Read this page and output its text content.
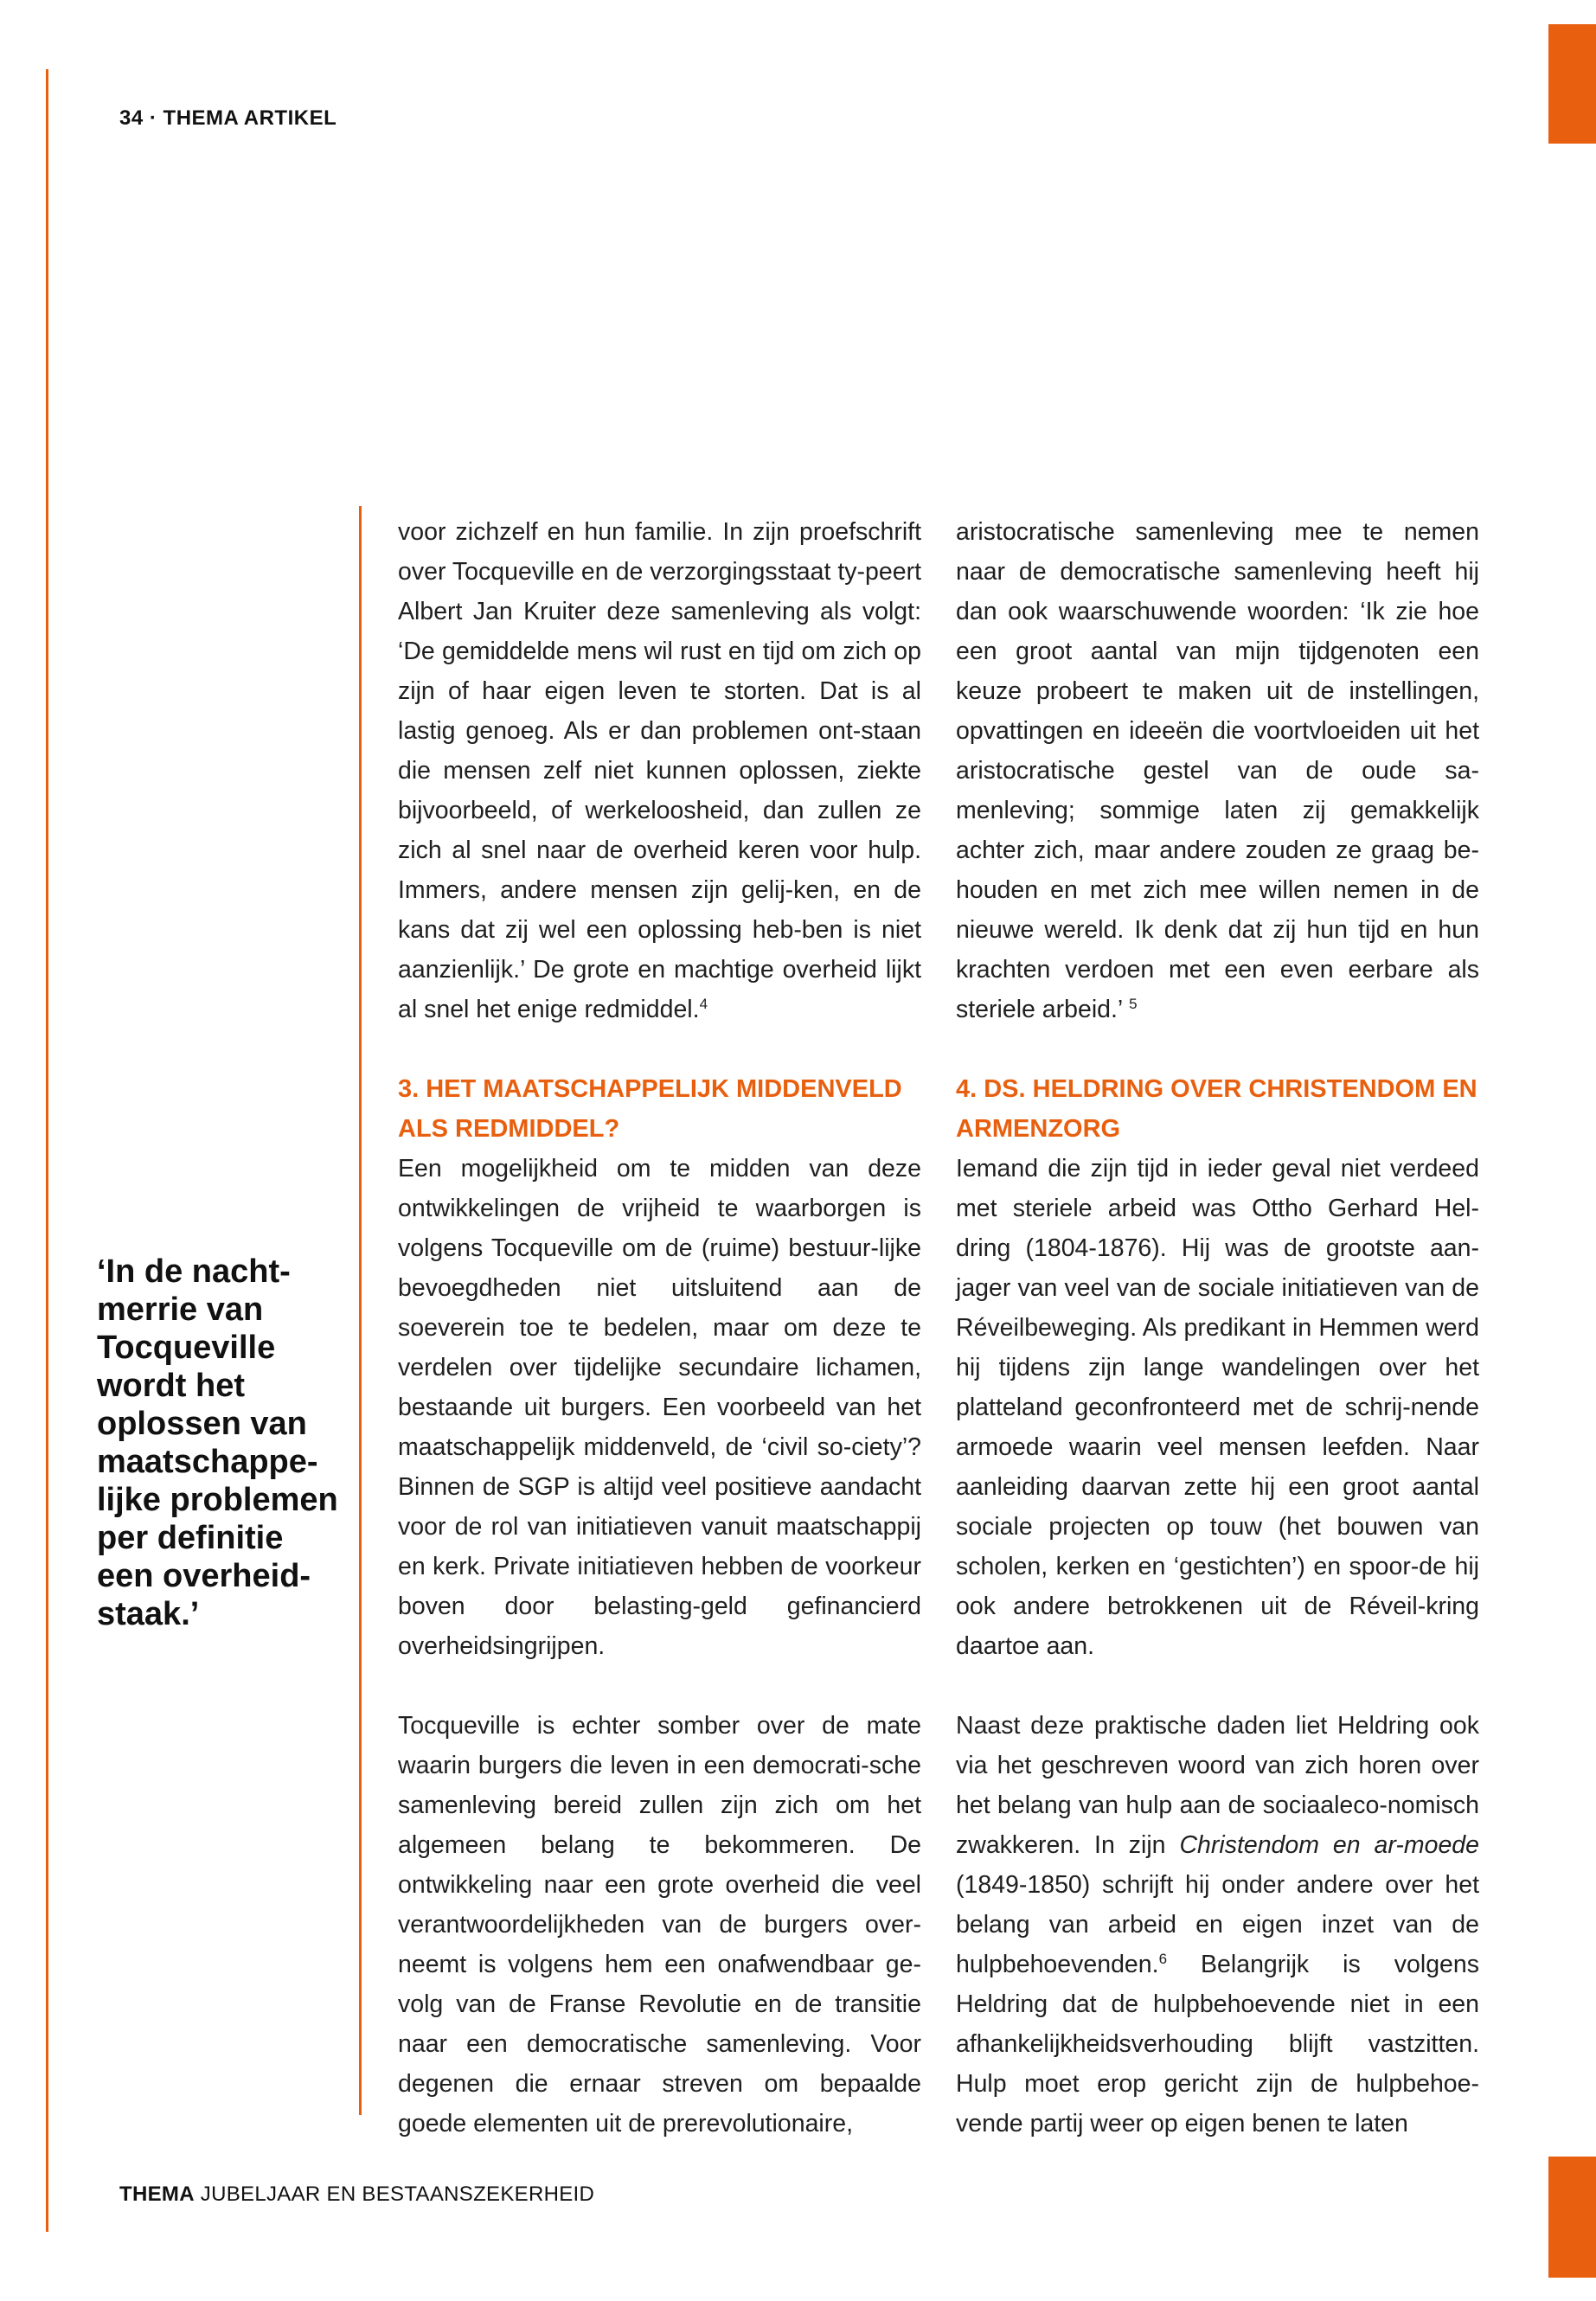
34 · THEMA ARTIKEL
‘In de nacht-merrie van Tocqueville wordt het oplossen van maatschappe-lijke problemen per definitie een overheid-staak.’

voor zichzelf en hun familie. In zijn proefschrift over Tocqueville en de verzorgingsstaat ty-peert Albert Jan Kruiter deze samenleving als volgt: ‘De gemiddelde mens wil rust en tijd om zich op zijn of haar eigen leven te storten. Dat is al lastig genoeg. Als er dan problemen ont-staan die mensen zelf niet kunnen oplossen, ziekte bijvoorbeeld, of werkeloosheid, dan zullen ze zich al snel naar de overheid keren voor hulp. Immers, andere mensen zijn gelij-ken, en de kans dat zij wel een oplossing heb-ben is niet aanzienlijk.’ De grote en machtige overheid lijkt al snel het enige redmiddel.$^4$

3. HET MAATSCHAPPELIJK MIDDENVELD ALS REDMIDDEL?

Een mogelijkheid om te midden van deze ontwikkelingen de vrijheid te waarborgen is volgens Tocqueville om de (ruime) bestuur-lijke bevoegdheden niet uitsluitend aan de soeverein toe te bedelen, maar om deze te verdelen over tijdelijke secundaire lichamen, bestaande uit burgers. Een voorbeeld van het maatschappelijk middenveld, de ‘civil so-ciety’? Binnen de SGP is altijd veel positieve aandacht voor de rol van initiatieven vanuit maatschappij en kerk. Private initiatieven hebben de voorkeur boven door belasting-geld gefinancierd overheidsingrijpen.

Tocqueville is echter somber over de mate waarin burgers die leven in een democrati-sche samenleving bereid zullen zijn zich om het algemeen belang te bekommeren. De ontwikkeling naar een grote overheid die veel verantwoordelijkheden van de burgers over-neemt is volgens hem een onafwendbaar ge-volg van de Franse Revolutie en de transitie naar een democratische samenleving. Voor degenen die ernaar streven om bepaalde goede elementen uit de prerevolutionaire,

aristocratische samenleving mee te nemen naar de democratische samenleving heeft hij dan ook waarschuwende woorden: ‘Ik zie hoe een groot aantal van mijn tijdgenoten een keuze probeert te maken uit de instellingen, opvattingen en ideeën die voortvloeiden uit het aristocratische gestel van de oude sa-menleving; sommige laten zij gemakkelijk achter zich, maar andere zouden ze graag be-houden en met zich mee willen nemen in de nieuwe wereld. Ik denk dat zij hun tijd en hun krachten verdoen met een even eerbare als steriele arbeid.’ $^5$

4. DS. HELDRING OVER CHRISTENDOM EN ARMENZORG

Iemand die zijn tijd in ieder geval niet verdeed met steriele arbeid was Ottho Gerhard Hel-dring (1804-1876). Hij was de grootste aan-jager van veel van de sociale initiatieven van de Réveilbeweging. Als predikant in Hemmen werd hij tijdens zijn lange wandelingen over het platteland geconfronteerd met de schrij-nende armoede waarin veel mensen leefden. Naar aanleiding daarvan zette hij een groot aantal sociale projecten op touw (het bouwen van scholen, kerken en ‘gestichten’) en spoor-de hij ook andere betrokkenen uit de Réveil-kring daartoe aan.

Naast deze praktische daden liet Heldring ook via het geschreven woord van zich horen over het belang van hulp aan de sociaaleco-nomisch zwakkeren. In zijn Christendom en ar-moede (1849-1850) schrijft hij onder andere over het belang van arbeid en eigen inzet van de hulpbehoevenden.$^6$ Belangrijk is volgens Heldring dat de hulpbehoevende niet in een afhankelijkheidsverhouding blijft vastzitten. Hulp moet erop gericht zijn de hulpbehoe-vende partij weer op eigen benen te laten

THEMA JUBELJAAR EN BESTAANSZEKERHEID
